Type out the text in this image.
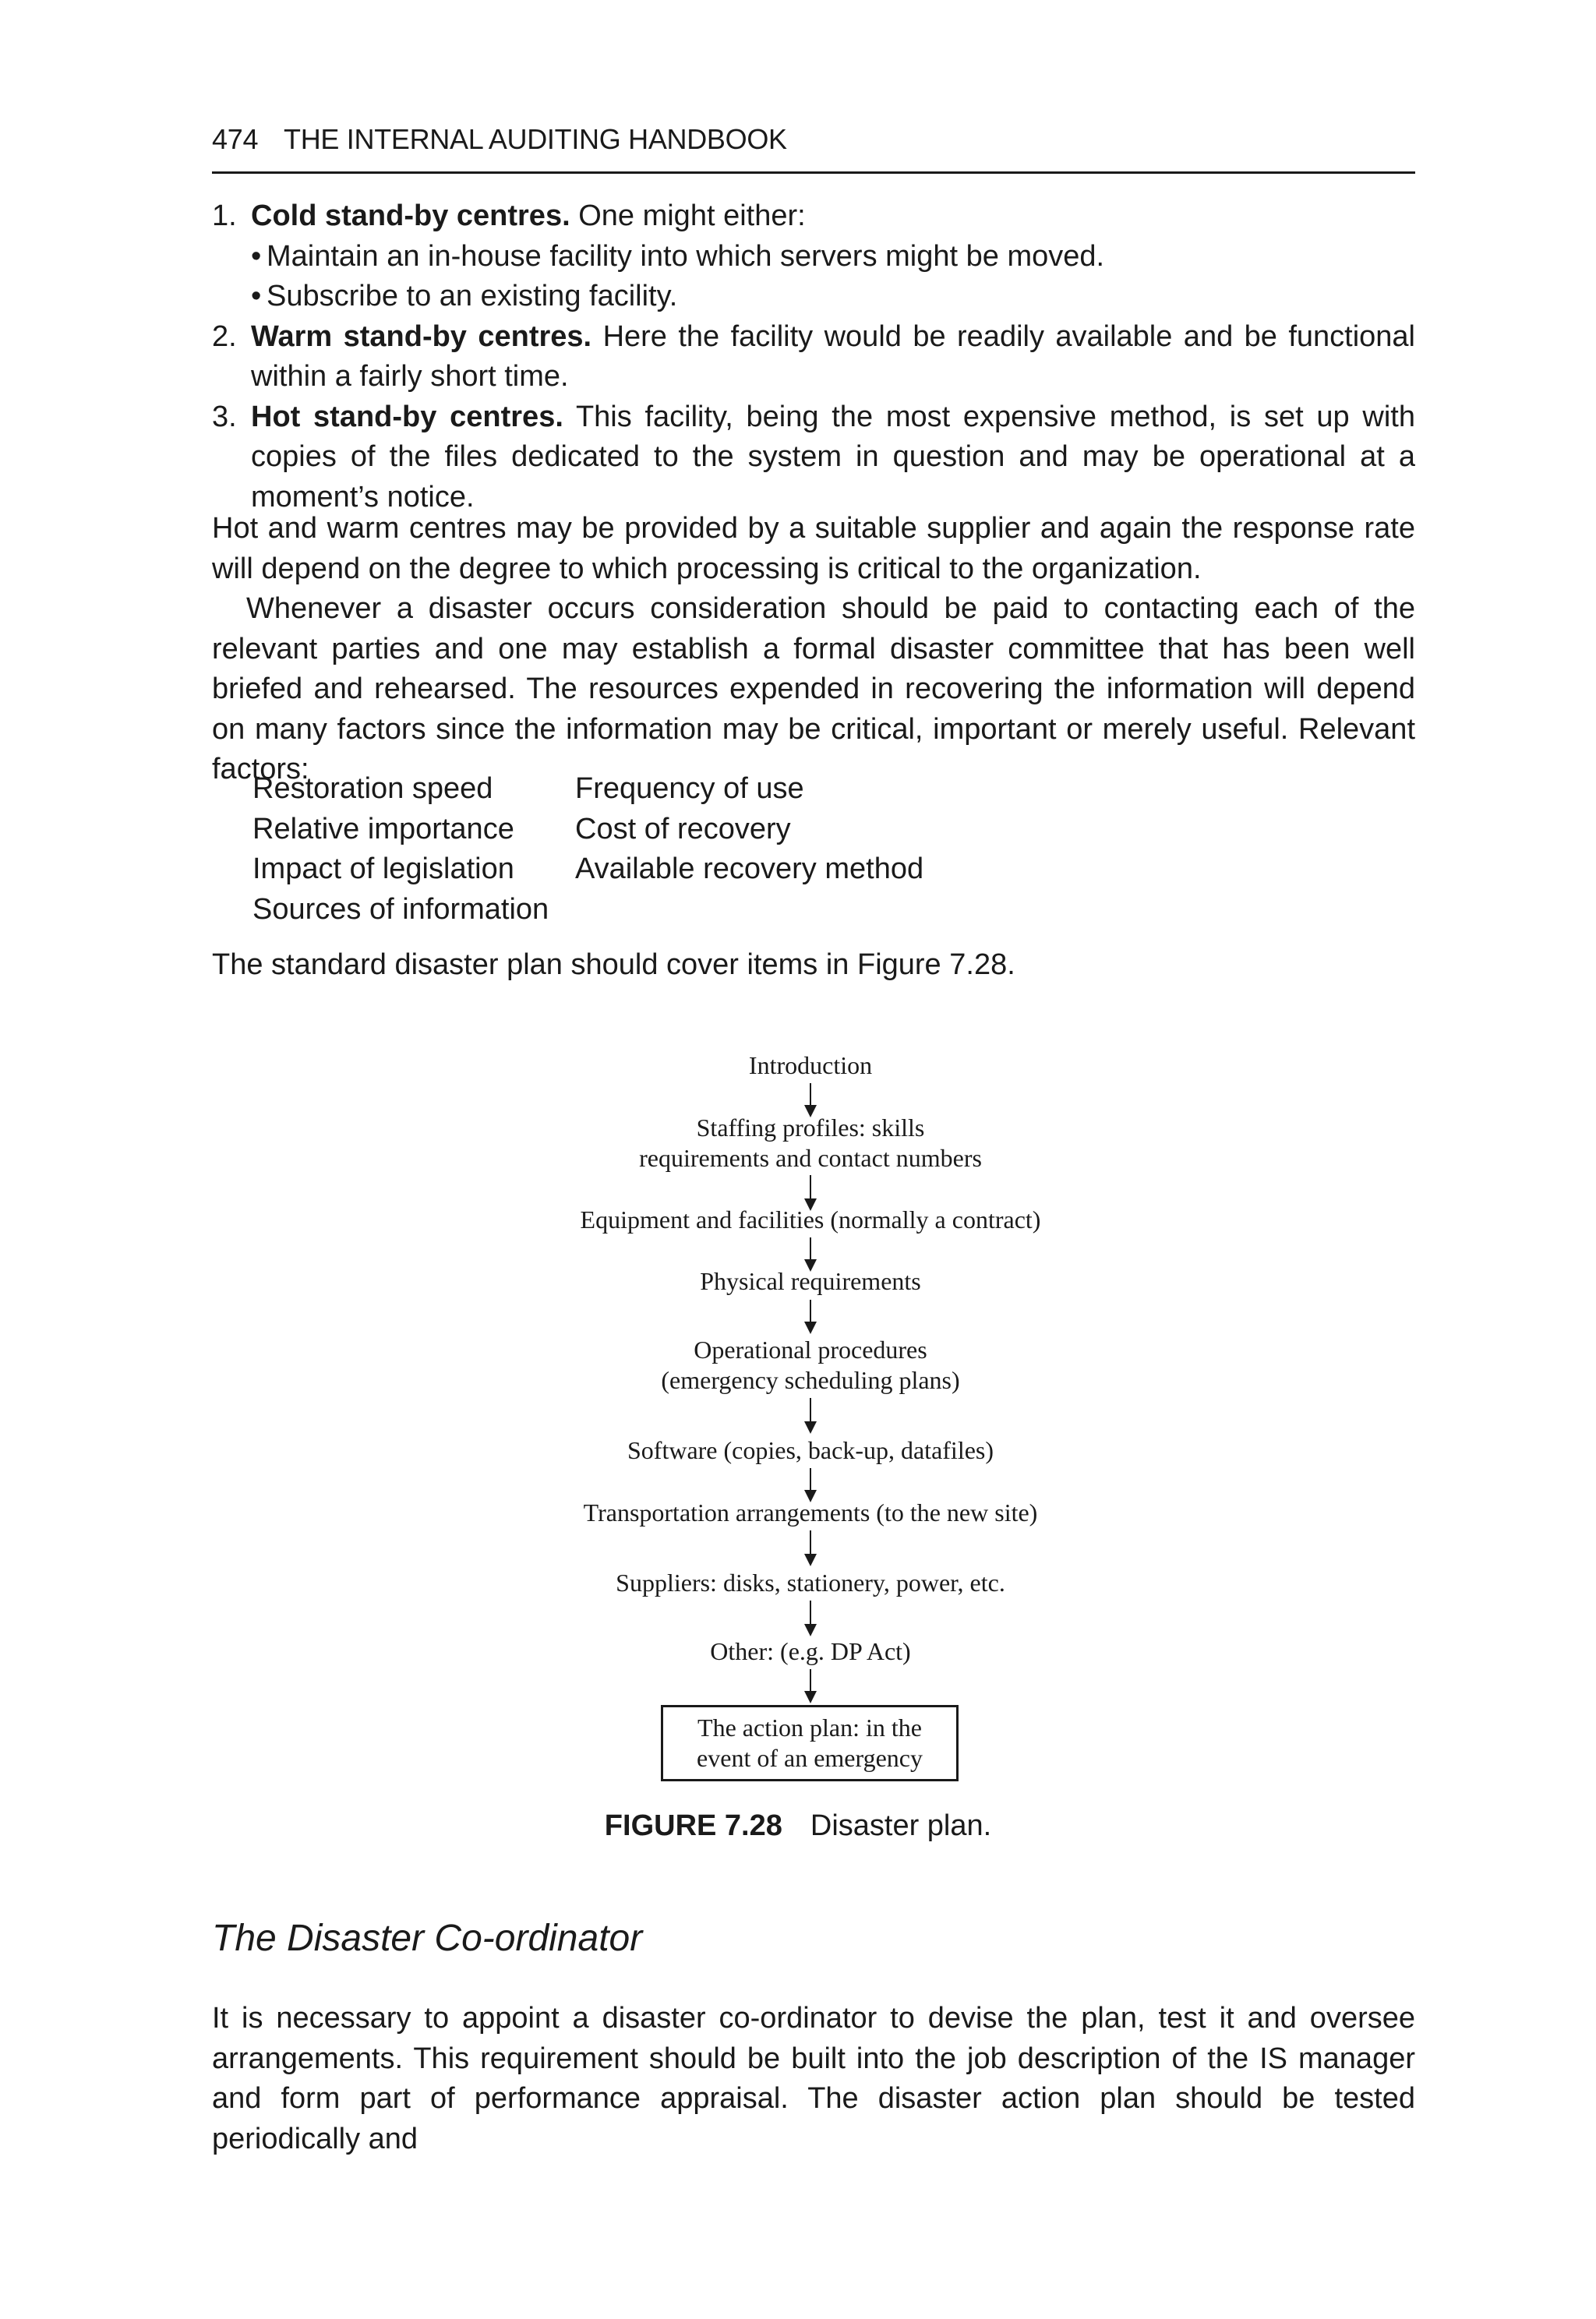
474 THE INTERNAL AUDITING HANDBOOK
1. Cold stand-by centres. One might either:
• Maintain an in-house facility into which servers might be moved.
• Subscribe to an existing facility.
2. Warm stand-by centres. Here the facility would be readily available and be functional within a fairly short time.
3. Hot stand-by centres. This facility, being the most expensive method, is set up with copies of the files dedicated to the system in question and may be operational at a moment’s notice.

Hot and warm centres may be provided by a suitable supplier and again the response rate will depend on the degree to which processing is critical to the organization.

Whenever a disaster occurs consideration should be paid to contacting each of the relevant parties and one may establish a formal disaster committee that has been well briefed and rehearsed. The resources expended in recovering the information will depend on many factors since the information may be critical, important or merely useful. Relevant factors:

Restoration speed	Frequency of use
Relative importance Cost of recovery
Impact of legislation Available recovery method
Sources of information
The standard disaster plan should cover items in Figure 7.28.
Introduction
Staffing profiles: skills
requirements and contact numbers
Equipment and facilities (normally a contract)
Physical requirements
Operational procedures
(emergency scheduling plans)
Software (copies, back-up, datafiles)
Transportation arrangements (to the new site)
Suppliers: disks, stationery, power, etc.
Other: (e.g. DP Act)
The action plan: in the
event of an emergency
FIGURE 7.28 Disaster plan.
The Disaster Co-ordinator
It is necessary to appoint a disaster co-ordinator to devise the plan, test it and oversee arrangements. This requirement should be built into the job description of the IS manager and form part of performance appraisal. The disaster action plan should be tested periodically and
